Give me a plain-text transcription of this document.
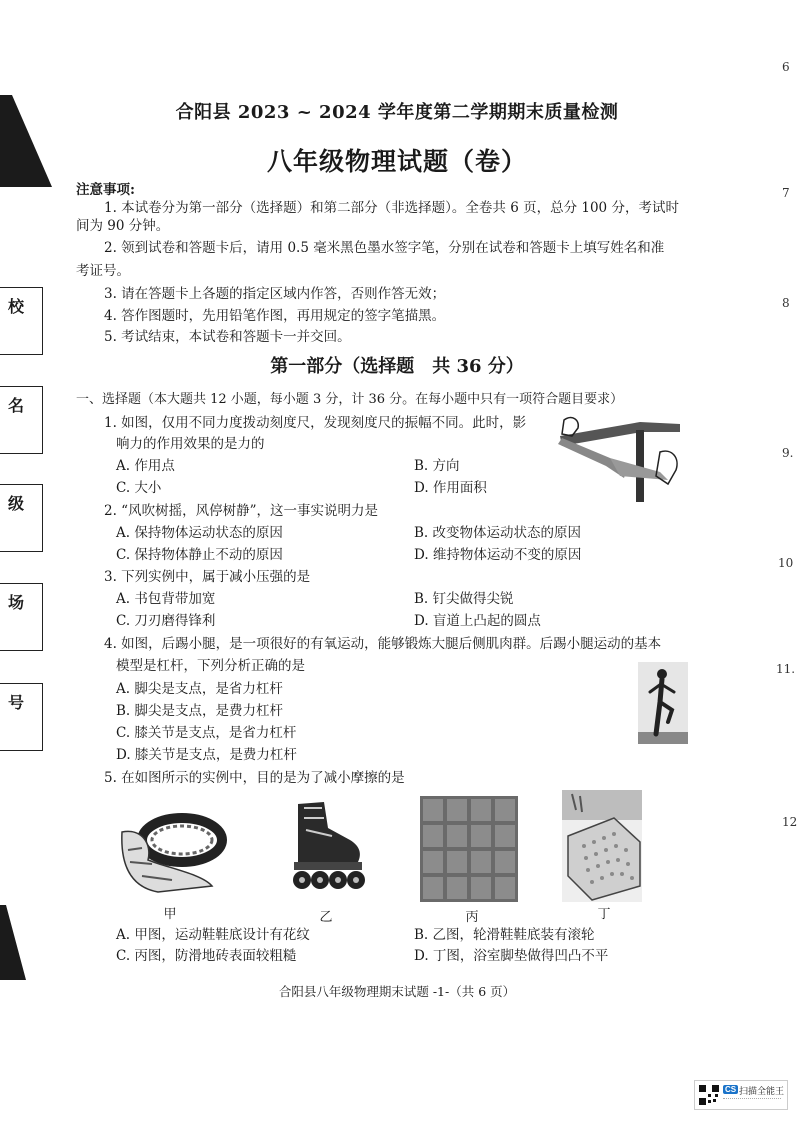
6
7
8
9.
10
11.
12
校
名
级
场
号
合阳县 2023 ~ 2024 学年度第二学期期末质量检测
八年级物理试题（卷）
注意事项:
1. 本试卷分为第一部分（选择题）和第二部分（非选择题）。全卷共 6 页，总分 100 分，考试时
间为 90 分钟。
2. 领到试卷和答题卡后，请用 0.5 毫米黑色墨水签字笔，分别在试卷和答题卡上填写姓名和准
考证号。
3. 请在答题卡上各题的指定区域内作答，否则作答无效；
4. 答作图题时，先用铅笔作图，再用规定的签字笔描黑。
5. 考试结束，本试卷和答题卡一并交回。
第一部分（选择题　共 36 分）
一、选择题（本大题共 12 小题，每小题 3 分，计 36 分。在每小题中只有一项符合题目要求）
1. 如图，仅用不同力度拨动刻度尺，发现刻度尺的振幅不同。此时，影
响力的作用效果的是力的
A. 作用点	B. 方向
C. 大小	D. 作用面积
2. “风吹树摇，风停树静”，这一事实说明力是
A. 保持物体运动状态的原因	B. 改变物体运动状态的原因
C. 保持物体静止不动的原因	D. 维持物体运动不变的原因
3. 下列实例中，属于减小压强的是
A. 书包背带加宽	B. 钉尖做得尖锐
C. 刀刃磨得锋利	D. 盲道上凸起的圆点
4. 如图，后踢小腿，是一项很好的有氧运动，能够锻炼大腿后侧肌肉群。后踢小腿运动的基本
模型是杠杆，下列分析正确的是
A. 脚尖是支点，是省力杠杆
B. 脚尖是支点，是费力杠杆
C. 膝关节是支点，是省力杠杆
D. 膝关节是支点，是费力杠杆
5. 在如图所示的实例中，目的是为了减小摩擦的是
甲	乙	丙	丁
A. 甲图，运动鞋鞋底设计有花纹	B. 乙图，轮滑鞋鞋底装有滚轮
C. 丙图，防滑地砖表面较粗糙	D. 丁图，浴室脚垫做得凹凸不平
合阳县八年级物理期末试题 -1-（共 6 页）
CS 扫描全能王
